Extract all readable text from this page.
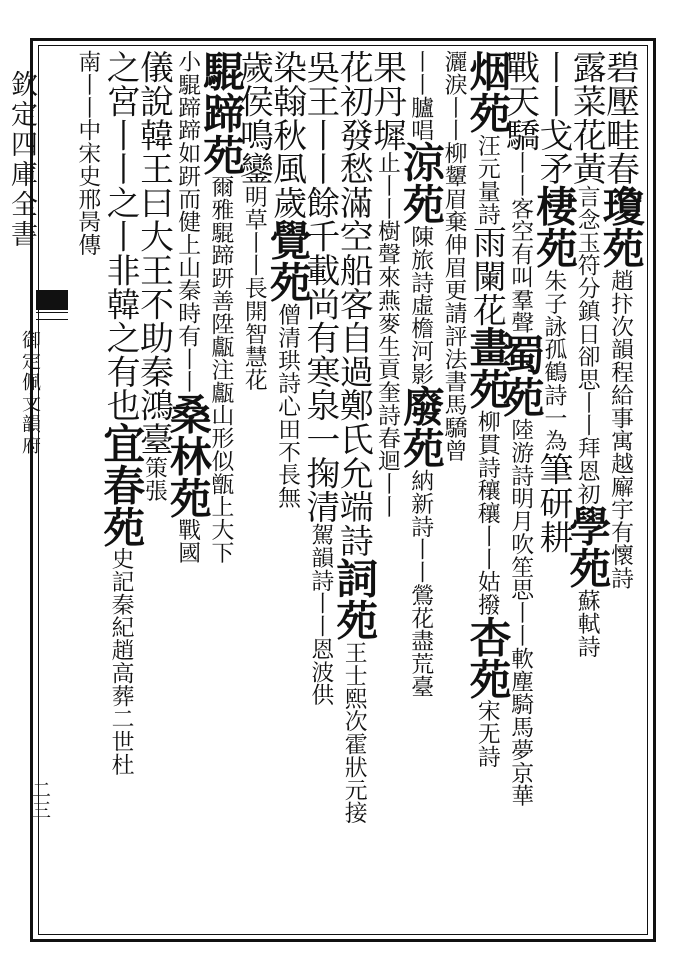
欽定四庫全書
御定佩文韻府
二三
碧壓畦春
瓊苑
趙抃次韻程給事寓越廨宇有懷詩
露菜花黃
言念玉符分鎮日卻思丨丨拜恩初
學苑
蘇軾詩
丨丨戈矛
棲苑
朱子詠孤鶴詩一為
筆研耕
戰天驕
丨丨客空有叫羣聲
蜀苑
陸游詩明月吹笙思丨
丨軟塵騎馬夢京華
烟苑
汪元量詩
雨闌花
畫苑
柳貫詩穰穰丨丨姑撥
杏苑
宋无詩
灑淚丨丨柳顰眉
棄伸眉更請評法書
馬驕曾
丨丨臚唱
涼苑
陳旅詩虛檐河影
廢苑
納新詩丨丨鶯花盡荒臺
果丹墀
止丨丨樹聲來
燕麥生貢奎詩春迴丨丨
花初發愁滿空船客自過鄭氏允端詩
詞苑
王士熙次霍狀元接
吳王丨丨餘千載尚有寒泉一掬清
駕韻詩丨丨恩波供
染翰秋風歲
覺苑
僧清珙詩心田不長無
歲侯鳴鑾
明草丨丨長開智慧花
騉蹄苑
爾雅騉蹄趼善陞甗注甗山形似甑上大下
小騉蹄蹄如趼而健上山秦時有丨丨
桑林苑
戰國
儀說韓王曰大王不助秦鴻臺
策張
之宮丨丨之丨非韓之有也
宜春苑
史記秦紀趙高葬二世杜
南丨丨中宋史邢昺傳
